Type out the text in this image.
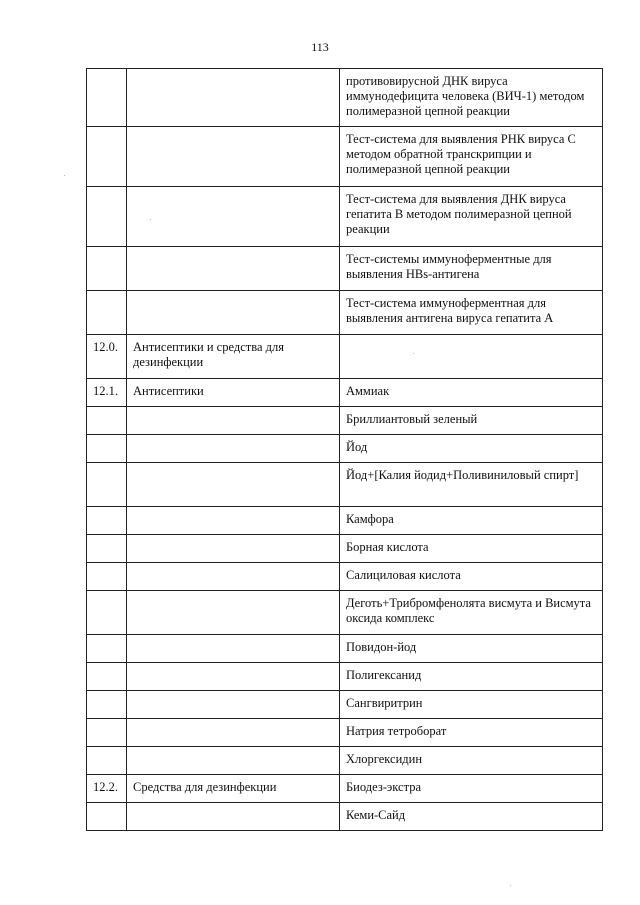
113
		противовирусной ДНК вируса иммунодефицита человека (ВИЧ-1) методом полимеразной цепной реакции
		Тест-система для выявления РНК вируса С методом обратной транскрипции и полимеразной цепной реакции
		Тест-система для выявления ДНК вируса гепатита В методом полимеразной цепной реакции
		Тест-системы иммуноферментные для выявления HBs-антигена
		Тест-система иммуноферментная для выявления антигена вируса гепатита А
12.0.	Антисептики и средства для дезинфекции	
12.1.	Антисептики	Аммиак
		Бриллиантовый зеленый
		Йод
		Йод+[Калия йодид+Поливиниловый спирт]
		Камфора
		Борная кислота
		Салициловая кислота
		Деготь+Трибромфенолята висмута и Висмута оксида комплекс
		Повидон-йод
		Полигексанид
		Сангвиритрин
		Натрия тетроборат
		Хлоргексидин
12.2.	Средства для дезинфекции	Биодез-экстра
		Кеми-Сайд
